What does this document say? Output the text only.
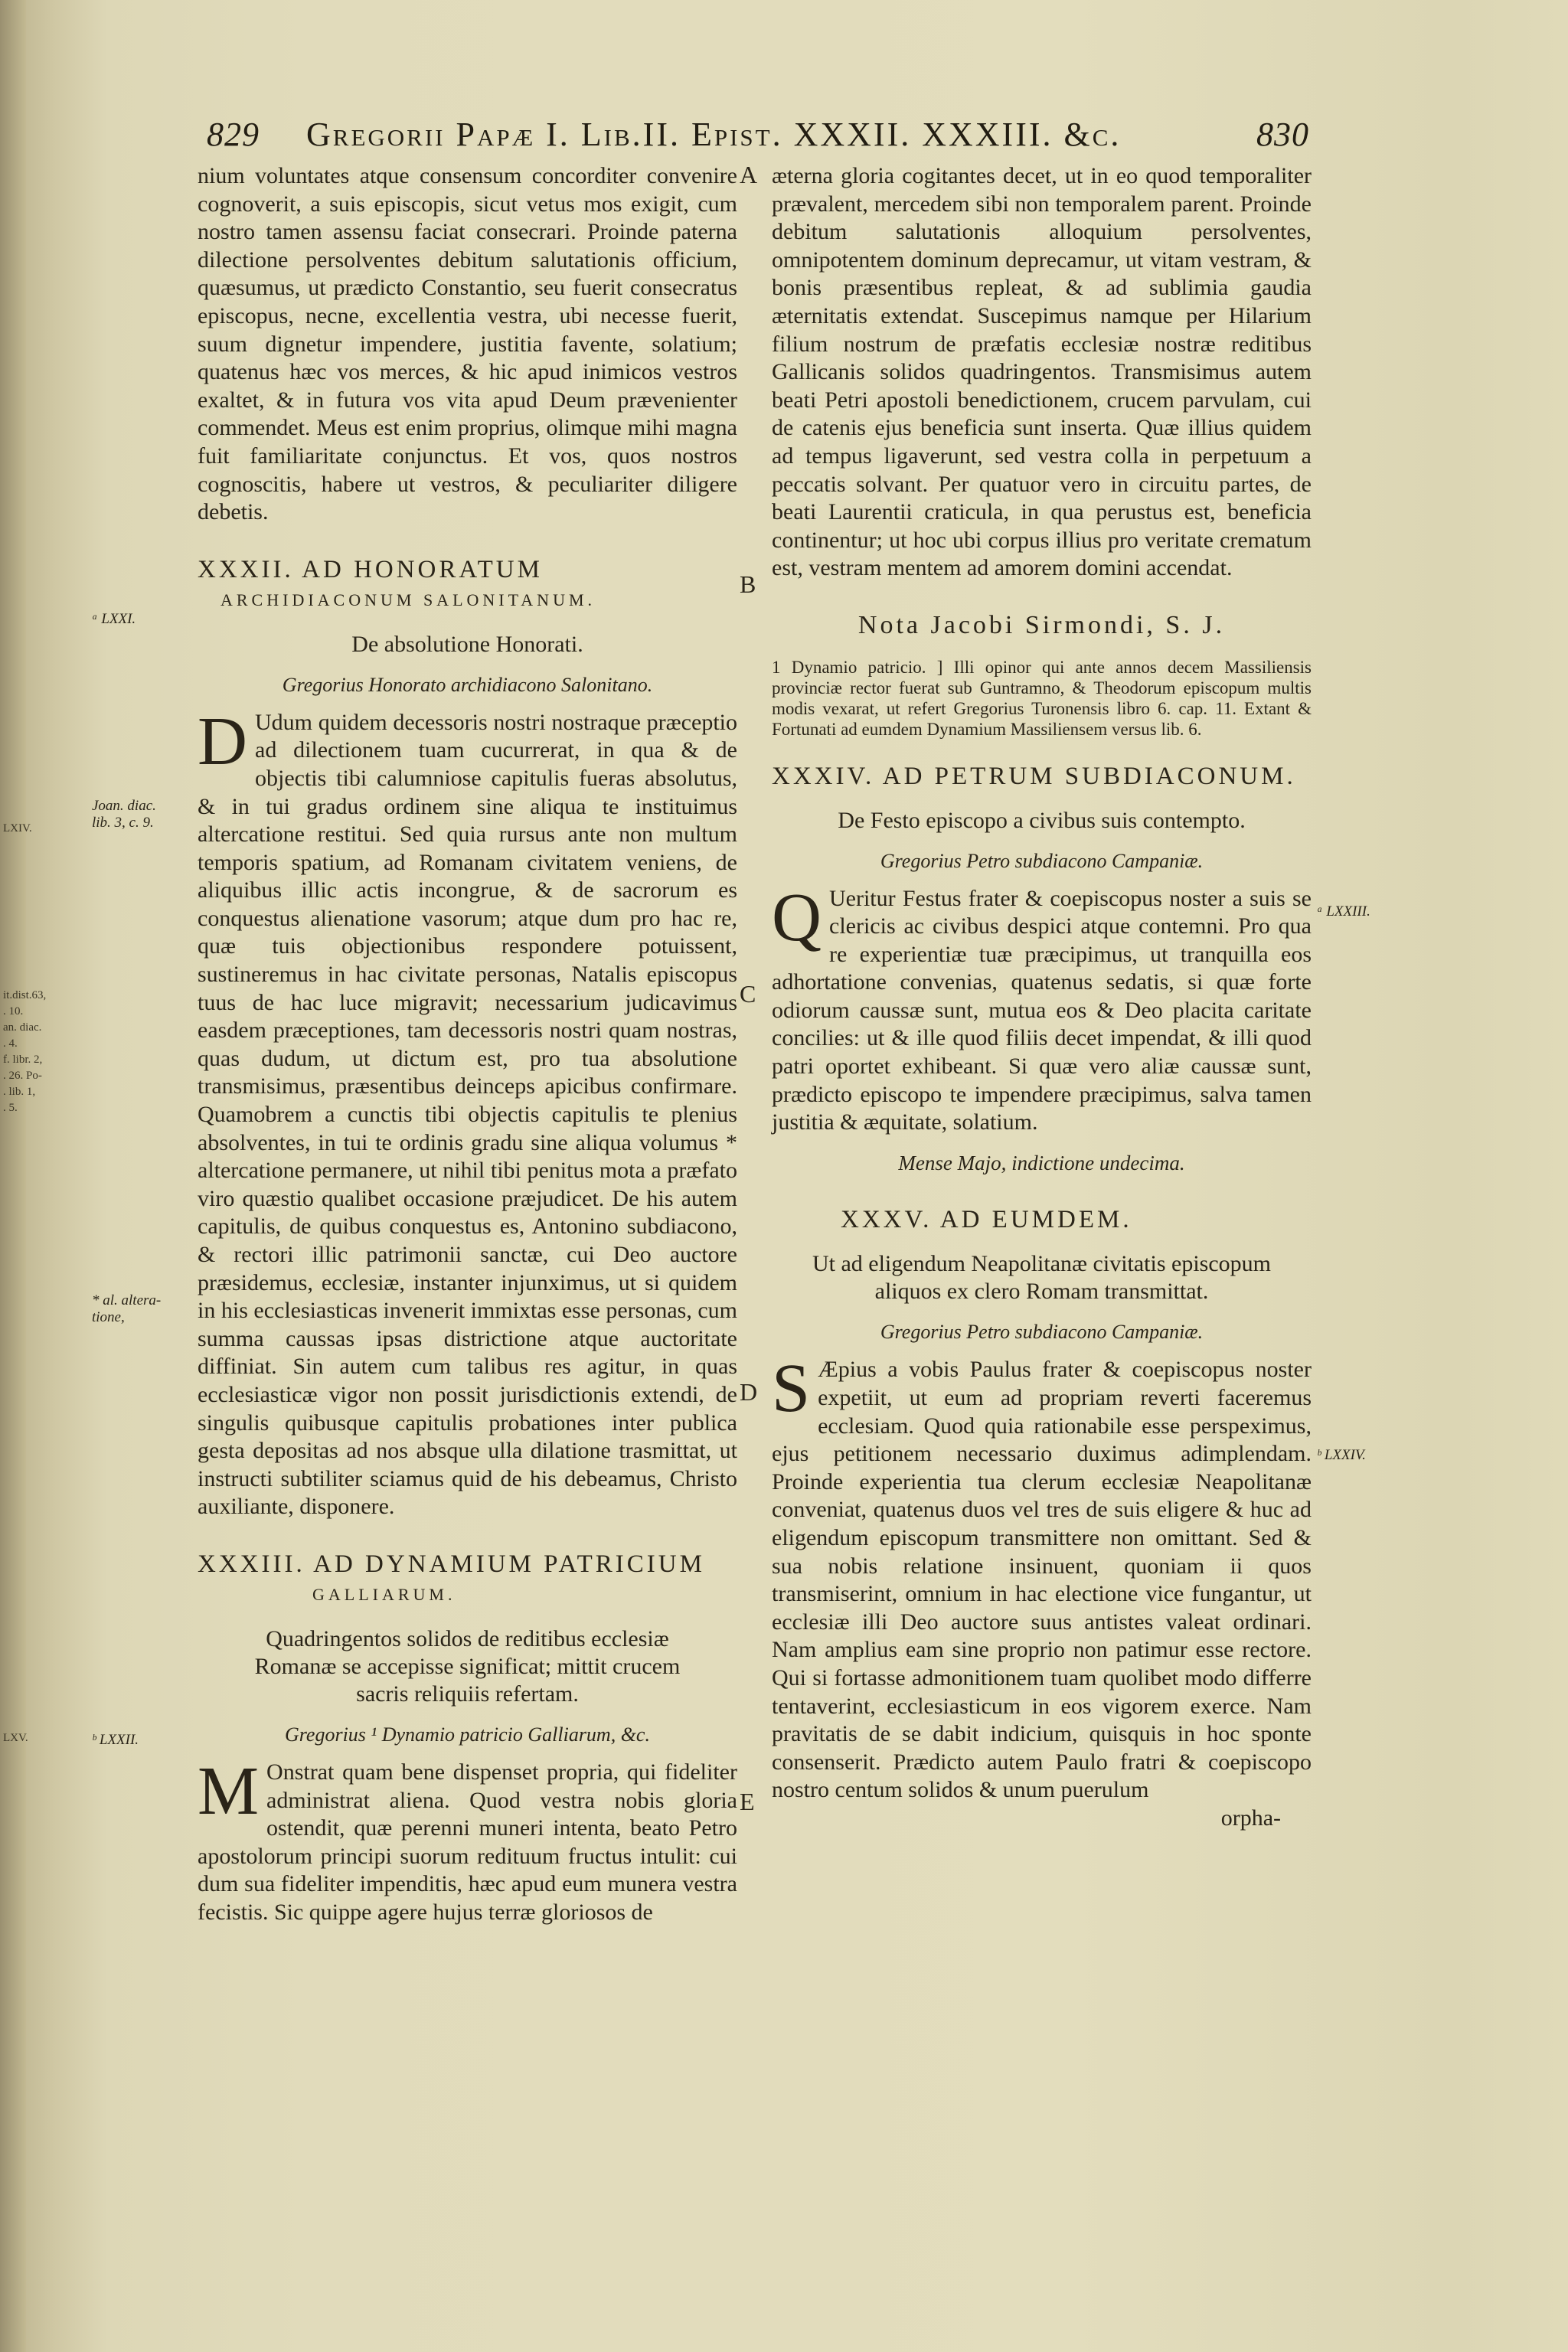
829 Gregorii Papæ I. Lib.II. Epist. XXXII. XXXIII. &c.	830

nium voluntates atque consensum concorditer convenire cognoverit, a suis episcopis, sicut vetus mos exigit, cum nostro tamen assensu faciat consecrari. Proinde paterna dilectione persolventes debitum salutationis officium, quæsumus, ut prædicto Constantio, seu fuerit consecratus episcopus, necne, excellentia vestra, ubi necesse fuerit, suum dignetur impendere, justitia favente, solatium; quatenus hæc vos merces, & hic apud inimicos vestros exaltet, & in futura vos vita apud Deum prævenienter commendet. Meus est enim proprius, olimque mihi magna fuit familiaritate conjunctus. Et vos, quos nostros cognoscitis, habere ut vestros, & peculiariter diligere debetis.

XXXII. AD HONORATUM
ARCHIDIACONUM SALONITANUM.
De absolutione Honorati.
Gregorius Honorato archidiacono Salonitano.

D Udum quidem decessoris nostri nostraque præceptio ad dilectionem tuam cucurrerat, in qua & de objectis tibi calumniose capitulis fueras absolutus, & in tui gradus ordinem sine aliqua te instituimus altercatione restitui. Sed quia rursus ante non multum temporis spatium, ad Romanam civitatem veniens, de aliquibus illic actis incongrue, & de sacrorum es conquestus alienatione vasorum; atque dum pro hac re, quæ tuis objectionibus respondere potuissent, sustineremus in hac civitate personas, Natalis episcopus tuus de hac luce migravit; necessarium judicavimus easdem præceptiones, tam decessoris nostri quam nostras, quas dudum, ut dictum est, pro tua absolutione transmisimus, præsentibus deinceps apicibus confirmare. Quamobrem a cunctis tibi objectis capitulis te plenius absolventes, in tui te ordinis gradu sine aliqua volumus * altercatione permanere, ut nihil tibi penitus mota a præfato viro quæstio qualibet occasione præjudicet. De his autem capitulis, de quibus conquestus es, Antonino subdiacono, & rectori illic patrimonii sanctæ, cui Deo auctore præsidemus, ecclesiæ, instanter injunximus, ut si quidem in his ecclesiasticas invenerit immixtas esse personas, cum summa caussas ipsas districtione atque auctoritate diffiniat. Sin autem cum talibus res agitur, in quas ecclesiasticæ vigor non possit jurisdictionis extendi, de singulis quibusque capitulis probationes inter publica gesta depositas ad nos absque ulla dilatione trasmittat, ut instructi subtiliter sciamus quid de his debeamus, Christo auxiliante, disponere.

XXXIII. AD DYNAMIUM PATRICIUM
GALLIARUM.
Quadringentos solidos de reditibus ecclesiæ Romanæ se accepisse significat; mittit crucem sacris reliquiis refertam.
Gregorius ¹ Dynamio patricio Galliarum, &c.

M Onstrat quam bene dispenset propria, qui fideliter administrat aliena. Quod vestra nobis gloria ostendit, quæ perenni muneri intenta, beato Petro apostolorum principi suorum redituum fructus intulit: cui dum sua fideliter impenditis, hæc apud eum munera vestra fecistis. Sic quippe agere hujus terræ gloriosos de

æterna gloria cogitantes decet, ut in eo quod temporaliter prævalent, mercedem sibi non temporalem parent. Proinde debitum salutationis alloquium persolventes, omnipotentem dominum deprecamur, ut vitam vestram, & bonis præsentibus repleat, & ad sublimia gaudia æternitatis extendat. Suscepimus namque per Hilarium filium nostrum de præfatis ecclesiæ nostræ reditibus Gallicanis solidos quadringentos. Transmisimus autem beati Petri apostoli benedictionem, crucem parvulam, cui de catenis ejus beneficia sunt inserta. Quæ illius quidem ad tempus ligaverunt, sed vestra colla in perpetuum a peccatis solvant. Per quatuor vero in circuitu partes, de beati Laurentii craticula, in qua perustus est, beneficia continentur; ut hoc ubi corpus illius pro veritate crematum est, vestram mentem ad amorem domini accendat.

Nota Jacobi Sirmondi, S. J.

1 Dynamio patricio. ] Illi opinor qui ante annos decem Massiliensis provinciæ rector fuerat sub Guntramno, & Theodorum episcopum multis modis vexarat, ut refert Gregorius Turonensis libro 6. cap. 11. Extant & Fortunati ad eumdem Dynamium Massiliensem versus lib. 6.

XXXIV. AD PETRUM SUBDIACONUM.
De Festo episcopo a civibus suis contempto.
Gregorius Petro subdiacono Campaniæ.

Q Ueritur Festus frater & coepiscopus noster a suis se clericis ac civibus despici atque contemni. Pro qua re experientiæ tuæ præcipimus, ut tranquilla eos adhortatione convenias, quatenus sedatis, si quæ forte odiorum caussæ sunt, mutua eos & Deo placita caritate concilies: ut & ille quod filiis decet impendat, & illi quod patri oportet exhibeant. Si quæ vero aliæ caussæ sunt, prædicto episcopo te impendere præcipimus, salva tamen justitia & æquitate, solatium.

Mense Majo, indictione undecima.
XXXV. AD EUMDEM.
Ut ad eligendum Neapolitanæ civitatis episcopum aliquos ex clero Romam transmittat.
Gregorius Petro subdiacono Campaniæ.

S Æpius a vobis Paulus frater & coepiscopus noster expetiit, ut eum ad propriam reverti faceremus ecclesiam. Quod quia rationabile esse perspeximus, ejus petitionem necessario duximus adimplendam. Proinde experientia tua clerum ecclesiæ Neapolitanæ conveniat, quatenus duos vel tres de suis eligere & huc ad eligendum episcopum transmittere non omittant. Sed & sua nobis relatione insinuent, quoniam ii quos transmiserint, omnium in hac electione vice fungantur, ut ecclesiæ illi Deo auctore suus antistes valeat ordinari. Nam amplius eam sine proprio non patimur esse rectore. Qui si fortasse admonitionem tuam quolibet modo differre tentaverint, ecclesiasticum in eos vigorem exerce. Nam pravitatis de se dabit indicium, quisquis in hoc sponte consenserit. Prædicto autem Paulo fratri & coepiscopo nostro centum solidos & unum puerulum

orpha-

A
B
C
D
E
ᵃ LXXI.
Joan. diac. lib. 3, c. 9.
* al. altera-tione,
ᵇ LXXII.
ᵃ LXXIII.
ᵇ LXXIV.
LXIV.
it.dist.63,
. 10.
an. diac.
. 4.
f. libr. 2,
. 26. Po-
. lib. 1,
. 5.
LXV.
